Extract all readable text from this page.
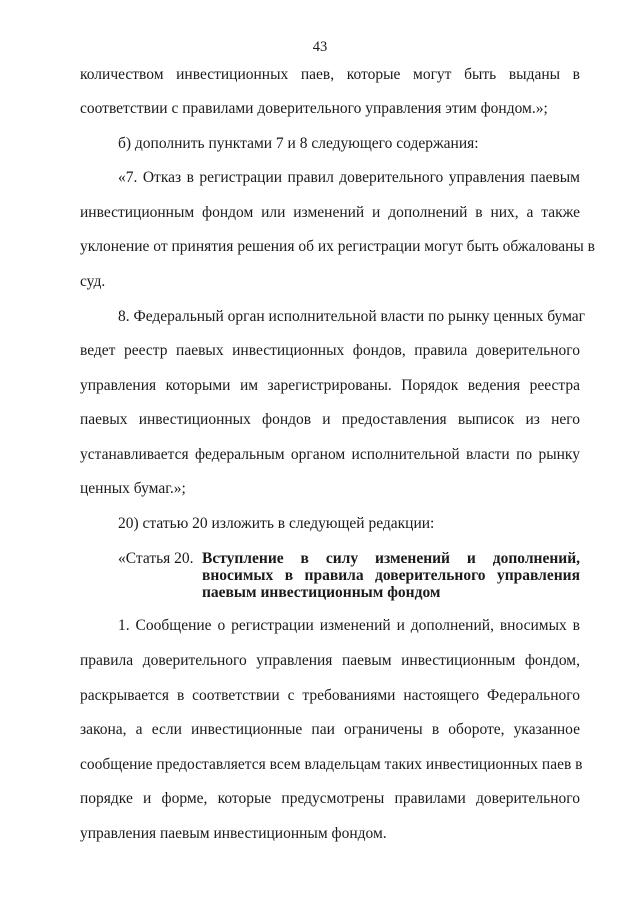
43
количеством инвестиционных паев, которые могут быть выданы в
соответствии с правилами доверительного управления этим фондом.»;
б) дополнить пунктами 7 и 8 следующего содержания:
«7. Отказ в регистрации правил доверительного управления паевым
инвестиционным фондом или изменений и дополнений в них, а также
уклонение от принятия решения об их регистрации могут быть обжалованы в
суд.
8. Федеральный орган исполнительной власти по рынку ценных бумаг
ведет реестр паевых инвестиционных фондов, правила доверительного
управления которыми им зарегистрированы. Порядок ведения реестра
паевых инвестиционных фондов и предоставления выписок из него
устанавливается федеральным органом исполнительной власти по рынку
ценных бумаг.»;
20) статью 20 изложить в следующей редакции:
«Статья 20. Вступление в силу изменений и дополнений,
вносимых в правила доверительного управления
паевым инвестиционным фондом
1. Сообщение о регистрации изменений и дополнений, вносимых в
правила доверительного управления паевым инвестиционным фондом,
раскрывается в соответствии с требованиями настоящего Федерального
закона, а если инвестиционные паи ограничены в обороте, указанное
сообщение предоставляется всем владельцам таких инвестиционных паев в
порядке и форме, которые предусмотрены правилами доверительного
управления паевым инвестиционным фондом.
